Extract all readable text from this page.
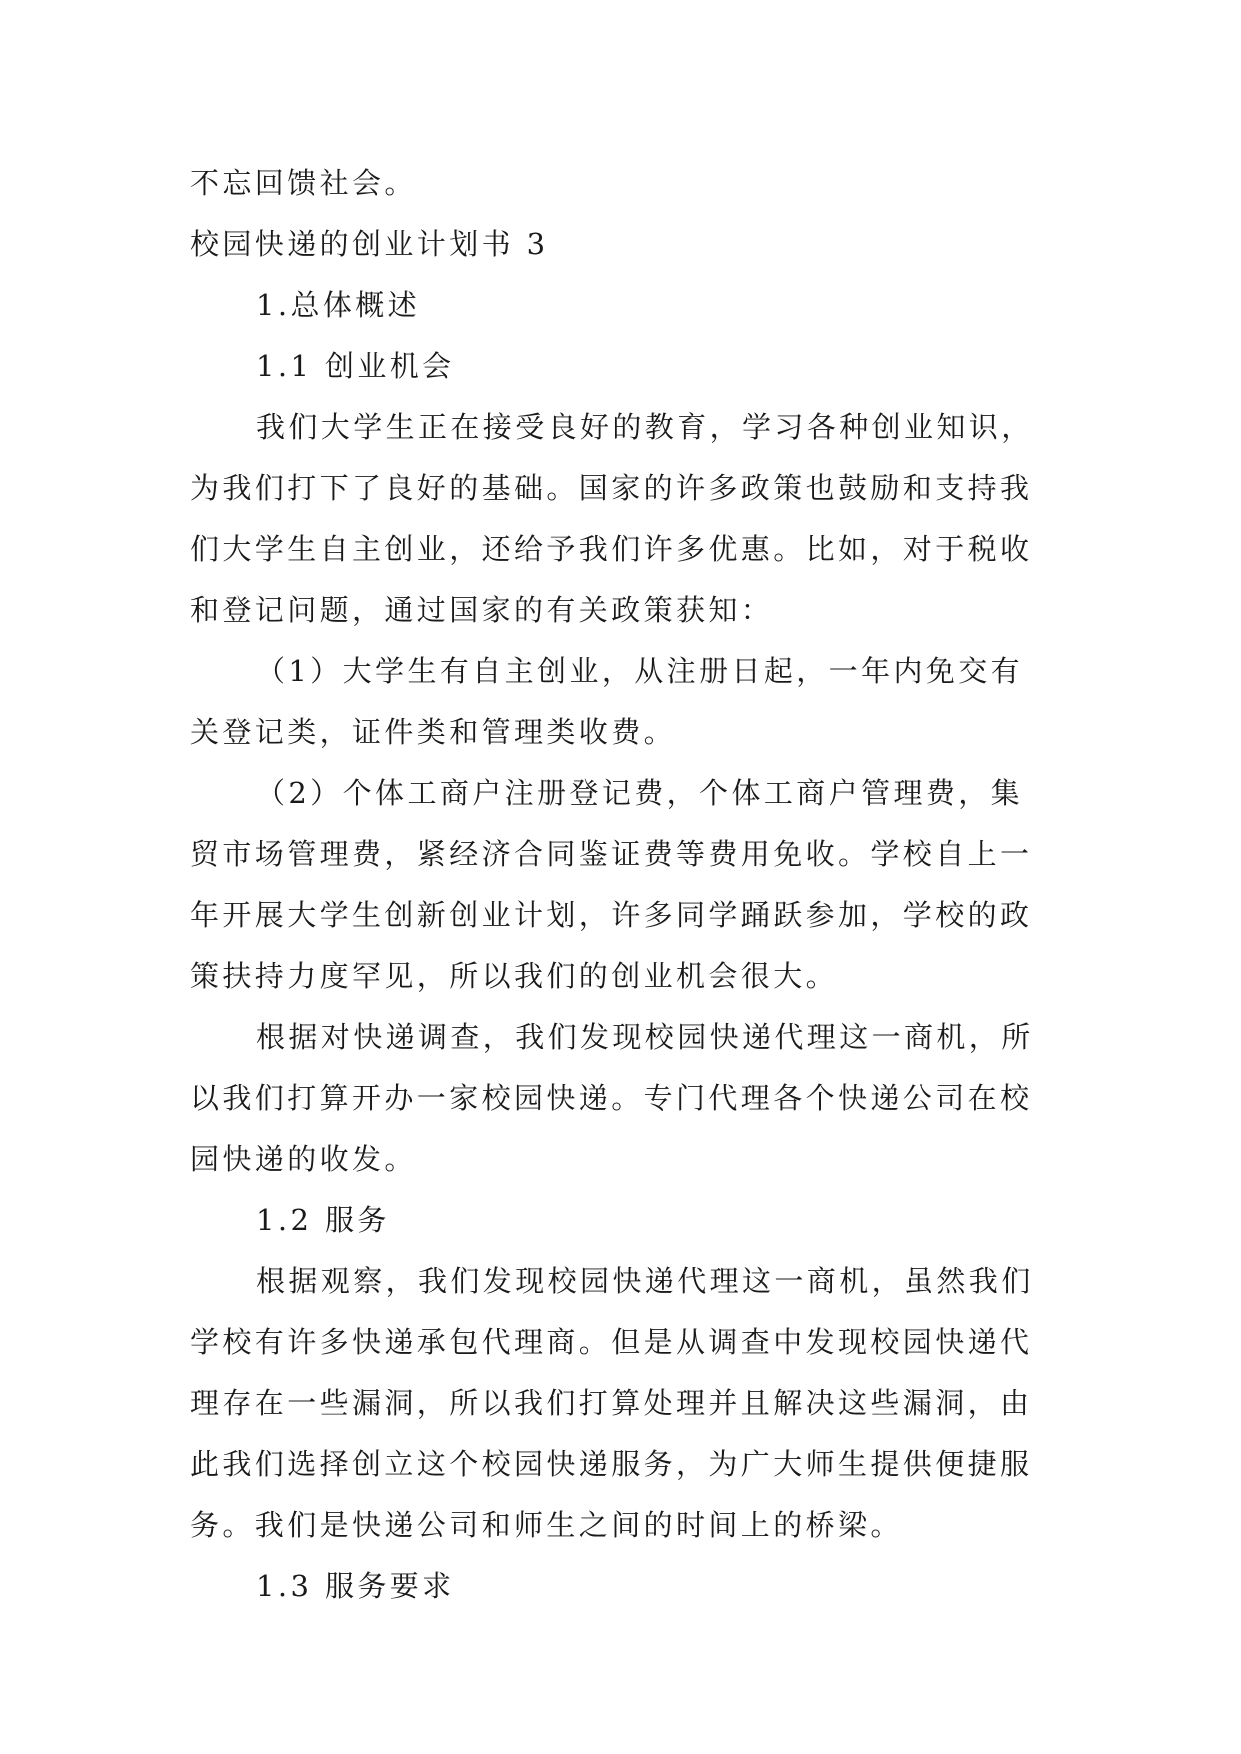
不忘回馈社会。
校园快递的创业计划书 3
1.总体概述
1.1 创业机会
我们大学生正在接受良好的教育，学习各种创业知识，
为我们打下了良好的基础。国家的许多政策也鼓励和支持我
们大学生自主创业，还给予我们许多优惠。比如，对于税收
和登记问题，通过国家的有关政策获知：
（1）大学生有自主创业，从注册日起，一年内免交有
关登记类，证件类和管理类收费。
（2）个体工商户注册登记费，个体工商户管理费，集
贸市场管理费，紧经济合同鉴证费等费用免收。学校自上一
年开展大学生创新创业计划，许多同学踊跃参加，学校的政
策扶持力度罕见，所以我们的创业机会很大。
根据对快递调查，我们发现校园快递代理这一商机，所
以我们打算开办一家校园快递。专门代理各个快递公司在校
园快递的收发。
1.2 服务
根据观察，我们发现校园快递代理这一商机，虽然我们
学校有许多快递承包代理商。但是从调查中发现校园快递代
理存在一些漏洞，所以我们打算处理并且解决这些漏洞，由
此我们选择创立这个校园快递服务，为广大师生提供便捷服
务。我们是快递公司和师生之间的时间上的桥梁。
1.3 服务要求
